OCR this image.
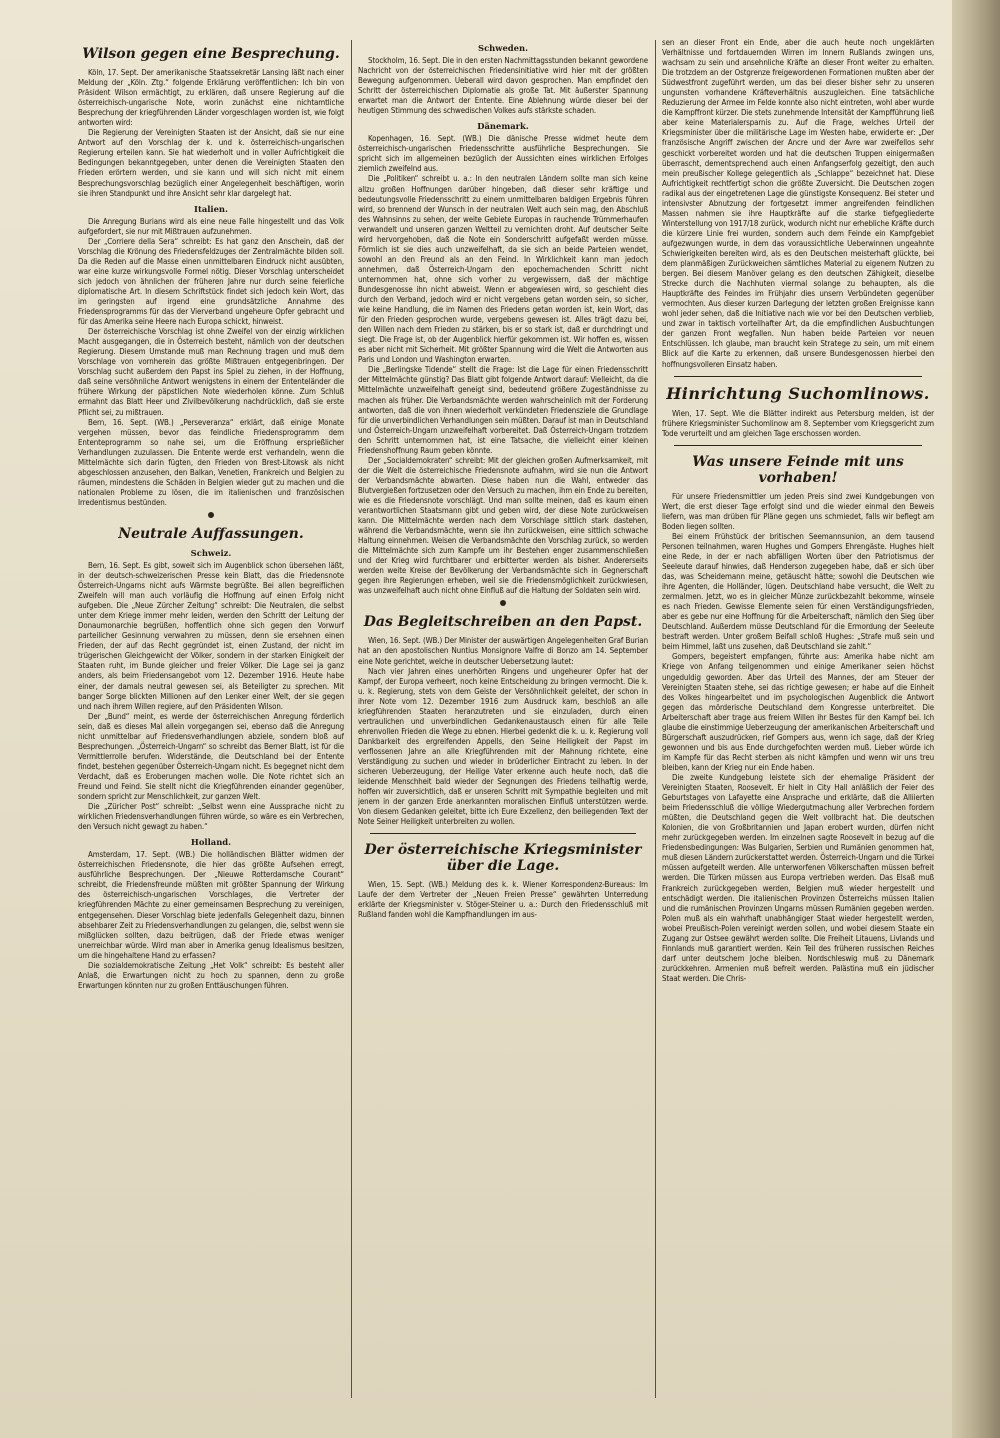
Wilson gegen eine Besprechung.

Köln, 17. Sept. Der amerikanische Staatssekretär Lansing läßt nach einer Meldung der „Köln. Ztg.“ folgende Erklärung veröffentlichen: Ich bin von Präsident Wilson ermächtigt, zu erklären, daß unsere Regierung auf die österreichisch-ungarische Note, worin zunächst eine nichtamtliche Besprechung der kriegführenden Länder vorgeschlagen worden ist, wie folgt antworten wird:

Die Regierung der Vereinigten Staaten ist der Ansicht, daß sie nur eine Antwort auf den Vorschlag der k. und k. österreichisch-ungarischen Regierung erteilen kann. Sie hat wiederholt und in voller Aufrichtigkeit die Bedingungen bekanntgegeben, unter denen die Vereinigten Staaten den Frieden erörtern werden, und sie kann und will sich nicht mit einem Besprechungsvorschlag bezüglich einer Angelegenheit beschäftigen, worin sie ihren Standpunkt und ihre Ansicht sehr klar dargelegt hat.

Italien.

Die Anregung Burians wird als eine neue Falle hingestellt und das Volk aufgefordert, sie nur mit Mißtrauen aufzunehmen.

Der „Corriere della Sera“ schreibt: Es hat ganz den Anschein, daß der Vorschlag die Krönung des Friedensfeldzuges der Zentralmächte bilden soll. Da die Reden auf die Masse einen unmittelbaren Eindruck nicht ausübten, war eine kurze wirkungsvolle Formel nötig. Dieser Vorschlag unterscheidet sich jedoch von ähnlichen der früheren Jahre nur durch seine feierliche diplomatische Art. In diesem Schriftstück findet sich jedoch kein Wort, das im geringsten auf irgend eine grundsätzliche Annahme des Friedensprogramms für das der Vierverband ungeheure Opfer gebracht und für das Amerika seine Heere nach Europa schickt, hinweist.

Der österreichische Vorschlag ist ohne Zweifel von der einzig wirklichen Macht ausgegangen, die in Österreich besteht, nämlich von der deutschen Regierung. Diesem Umstande muß man Rechnung tragen und muß dem Vorschlage von vornherein das größte Mißtrauen entgegenbringen. Der Vorschlag sucht außerdem den Papst ins Spiel zu ziehen, in der Hoffnung, daß seine versöhnliche Antwort wenigstens in einem der Ententeländer die frühere Wirkung der päpstlichen Note wiederholen könne. Zum Schluß ermahnt das Blatt Heer und Zivilbevölkerung nachdrücklich, daß sie erste Pflicht sei, zu mißtrauen.

Bern, 16. Sept. (WB.) „Perseveranza“ erklärt, daß einige Monate vergehen müssen, bevor das feindliche Friedensprogramm dem Ententeprogramm so nahe sei, um die Eröffnung ersprießlicher Verhandlungen zuzulassen. Die Entente werde erst verhandeln, wenn die Mittelmächte sich darin fügten, den Frieden von Brest-Litowsk als nicht abgeschlossen anzusehen, den Balkan, Venetien, Frankreich und Belgien zu räumen, mindestens die Schäden in Belgien wieder gut zu machen und die nationalen Probleme zu lösen, die im italienischen und französischen Irredentismus bestünden.

Neutrale Auffassungen.
Schweiz.

Bern, 16. Sept. Es gibt, soweit sich im Augenblick schon übersehen läßt, in der deutsch-schweizerischen Presse kein Blatt, das die Friedensnote Österreich-Ungarns nicht aufs Wärmste begrüßte. Bei allen begreiflichen Zweifeln will man auch vorläufig die Hoffnung auf einen Erfolg nicht aufgeben. Die „Neue Zürcher Zeitung“ schreibt: Die Neutralen, die selbst unter dem Kriege immer mehr leiden, werden den Schritt der Leitung der Donaumonarchie begrüßen, hoffentlich ohne sich gegen den Vorwurf parteilicher Gesinnung verwahren zu müssen, denn sie ersehnen einen Frieden, der auf das Recht gegründet ist, einen Zustand, der nicht im trügerischen Gleichgewicht der Völker, sondern in der starken Einigkeit der Staaten ruht, im Bunde gleicher und freier Völker. Die Lage sei ja ganz anders, als beim Friedensangebot vom 12. Dezember 1916. Heute habe einer, der damals neutral gewesen sei, als Beteiligter zu sprechen. Mit banger Sorge blickten Millionen auf den Lenker einer Welt, der sie gegen und nach ihrem Willen regiere, auf den Präsidenten Wilson.

Der „Bund“ meint, es werde der österreichischen Anregung förderlich sein, daß es dieses Mal allein vorgegangen sei, ebenso daß die Anregung nicht unmittelbar auf Friedensverhandlungen abziele, sondern bloß auf Besprechungen. „Österreich-Ungarn“ so schreibt das Berner Blatt, ist für die Vermittlerrolle berufen. Widerstände, die Deutschland bei der Entente findet, bestehen gegenüber Österreich-Ungarn nicht. Es begegnet nicht dem Verdacht, daß es Eroberungen machen wolle. Die Note richtet sich an Freund und Feind. Sie stellt nicht die Kriegführenden einander gegenüber, sondern spricht zur Menschlichkeit, zur ganzen Welt.

Die „Züricher Post“ schreibt: „Selbst wenn eine Aussprache nicht zu wirklichen Friedensverhandlungen führen würde, so wäre es ein Verbrechen, den Versuch nicht gewagt zu haben.“

Holland.

Amsterdam, 17. Sept. (WB.) Die holländischen Blätter widmen der österreichischen Friedensnote, die hier das größte Aufsehen erregt, ausführliche Besprechungen. Der „Nieuwe Rotterdamsche Courant“ schreibt, die Friedensfreunde müßten mit größter Spannung der Wirkung des österreichisch-ungarischen Vorschlages, die Vertreter der kriegführenden Mächte zu einer gemeinsamen Besprechung zu vereinigen, entgegensehen. Dieser Vorschlag biete jedenfalls Gelegenheit dazu, binnen absehbarer Zeit zu Friedensverhandlungen zu gelangen, die, selbst wenn sie mißglücken sollten, dazu beitrügen, daß der Friede etwas weniger unerreichbar würde. Wird man aber in Amerika genug Idealismus besitzen, um die hingehaltene Hand zu erfassen?

Die sozialdemokratische Zeitung „Het Volk“ schreibt: Es besteht aller Anlaß, die Erwartungen nicht zu hoch zu spannen, denn zu große Erwartungen könnten nur zu großen Enttäuschungen führen.

Schweden.

Stockholm, 16. Sept. Die in den ersten Nachmittagsstunden bekannt gewordene Nachricht von der österreichischen Friedensinitiative wird hier mit der größten Bewegung aufgenommen. Ueberall wird davon gesprochen. Man empfindet den Schritt der österreichischen Diplomatie als große Tat. Mit äußerster Spannung erwartet man die Antwort der Entente. Eine Ablehnung würde dieser bei der heutigen Stimmung des schwedischen Volkes aufs stärkste schaden.

Dänemark.

Kopenhagen, 16. Sept. (WB.) Die dänische Presse widmet heute dem österreichisch-ungarischen Friedensschritte ausführliche Besprechungen. Sie spricht sich im allgemeinen bezüglich der Aussichten eines wirklichen Erfolges ziemlich zweifelnd aus.

Die „Politiken“ schreibt u. a.: In den neutralen Ländern sollte man sich keine allzu großen Hoffnungen darüber hingeben, daß dieser sehr kräftige und bedeutungsvolle Friedensschritt zu einem unmittelbaren baldigen Ergebnis führen wird, so brennend der Wunsch in der neutralen Welt auch sein mag, den Abschluß des Wahnsinns zu sehen, der weite Gebiete Europas in rauchende Trümmerhaufen verwandelt und unseren ganzen Weltteil zu vernichten droht. Auf deutscher Seite wird hervorgehoben, daß die Note ein Sonderschritt aufgefaßt werden müsse. Förmlich ist sie dies auch unzweifelhaft, da sie sich an beide Parteien wendet, sowohl an den Freund als an den Feind. In Wirklichkeit kann man jedoch annehmen, daß Österreich-Ungarn den epochemachenden Schritt nicht unternommen hat, ohne sich vorher zu vergewissern, daß der mächtige Bundesgenosse ihn nicht abweist. Wenn er abgewiesen wird, so geschieht dies durch den Verband, jedoch wird er nicht vergebens getan worden sein, so sicher, wie keine Handlung, die im Namen des Friedens getan worden ist, kein Wort, das für den Frieden gesprochen wurde, vergebens gewesen ist. Alles trägt dazu bei, den Willen nach dem Frieden zu stärken, bis er so stark ist, daß er durchdringt und siegt. Die Frage ist, ob der Augenblick hierfür gekommen ist. Wir hoffen es, wissen es aber nicht mit Sicherheit. Mit größter Spannung wird die Welt die Antworten aus Paris und London und Washington erwarten.

Die „Berlingske Tidende“ stellt die Frage: Ist die Lage für einen Friedensschritt der Mittelmächte günstig? Das Blatt gibt folgende Antwort darauf: Vielleicht, da die Mittelmächte unzweifelhaft geneigt sind, bedeutend größere Zugeständnisse zu machen als früher. Die Verbandsmächte werden wahrscheinlich mit der Forderung antworten, daß die von ihnen wiederholt verkündeten Friedensziele die Grundlage für die unverbindlichen Verhandlungen sein müßten. Darauf ist man in Deutschland und Österreich-Ungarn unzweifelhaft vorbereitet. Daß Österreich-Ungarn trotzdem den Schritt unternommen hat, ist eine Tatsache, die vielleicht einer kleinen Friedenshoffnung Raum geben könnte.

Der „Socialdemokraten“ schreibt: Mit der gleichen großen Aufmerksamkeit, mit der die Welt die österreichische Friedensnote aufnahm, wird sie nun die Antwort der Verbandsmächte abwarten. Diese haben nun die Wahl, entweder das Blutvergießen fortzusetzen oder den Versuch zu machen, ihm ein Ende zu bereiten, wie es die Friedensnote vorschlägt. Und man sollte meinen, daß es kaum einen verantwortlichen Staatsmann gibt und geben wird, der diese Note zurückweisen kann. Die Mittelmächte werden nach dem Vorschlage sittlich stark dastehen, während die Verbandsmächte, wenn sie ihn zurückweisen, eine sittlich schwache Haltung einnehmen. Weisen die Verbandsmächte den Vorschlag zurück, so werden die Mittelmächte sich zum Kampfe um ihr Bestehen enger zusammenschließen und der Krieg wird furchtbarer und erbitterter werden als bisher. Andererseits werden weite Kreise der Bevölkerung der Verbandsmächte sich in Gegnerschaft gegen ihre Regierungen erheben, weil sie die Friedensmöglichkeit zurückwiesen, was unzweifelhaft auch nicht ohne Einfluß auf die Haltung der Soldaten sein wird.

Das Begleitschreiben an den Papst.

Wien, 16. Sept. (WB.) Der Minister der auswärtigen Angelegenheiten Graf Burian hat an den apostolischen Nuntius Monsignore Valfre di Bonzo am 14. September eine Note gerichtet, welche in deutscher Uebersetzung lautet:

Nach vier Jahren eines unerhörten Ringens und ungeheurer Opfer hat der Kampf, der Europa verheert, noch keine Entscheidung zu bringen vermocht. Die k. u. k. Regierung, stets von dem Geiste der Versöhnlichkeit geleitet, der schon in ihrer Note vom 12. Dezember 1916 zum Ausdruck kam, beschloß an alle kriegführenden Staaten heranzutreten und sie einzuladen, durch einen vertraulichen und unverbindlichen Gedankenaustausch einen für alle Teile ehrenvollen Frieden die Wege zu ebnen. Hierbei gedenkt die k. u. k. Regierung voll Dankbarkeit des ergreifenden Appells, den Seine Heiligkeit der Papst im verflossenen Jahre an alle Kriegführenden mit der Mahnung richtete, eine Verständigung zu suchen und wieder in brüderlicher Eintracht zu leben. In der sicheren Ueberzeugung, der Heilige Vater erkenne auch heute noch, daß die leidende Menschheit bald wieder der Segnungen des Friedens teilhaftig werde, hoffen wir zuversichtlich, daß er unseren Schritt mit Sympathie begleiten und mit jenem in der ganzen Erde anerkannten moralischen Einfluß unterstützen werde. Von diesem Gedanken geleitet, bitte ich Eure Exzellenz, den beiliegenden Text der Note Seiner Heiligkeit unterbreiten zu wollen.

Der österreichische Kriegsminister über die Lage.

Wien, 15. Sept. (WB.) Meldung des k. k. Wiener Korrespondenz-Bureaus: Im Laufe der dem Vertreter der „Neuen Freien Presse“ gewährten Unterredung erklärte der Kriegsminister v. Stöger-Steiner u. a.: Durch den Friedensschluß mit Rußland fanden wohl die Kampfhandlungen im aus-

sen an dieser Front ein Ende, aber die auch heute noch ungeklärten Verhältnisse und fortdauernden Wirren im Innern Rußlands zwingen uns, wachsam zu sein und ansehnliche Kräfte an dieser Front weiter zu erhalten. Die trotzdem an der Ostgrenze freigewordenen Formationen mußten aber der Südwestfront zugeführt werden, um das bei dieser bisher sehr zu unseren ungunsten vorhandene Kräfteverhältnis auszugleichen. Eine tatsächliche Reduzierung der Armee im Felde konnte also nicht eintreten, wohl aber wurde die Kampffront kürzer. Die stets zunehmende Intensität der Kampfführung ließ aber keine Materialersparnis zu. Auf die Frage, welches Urteil der Kriegsminister über die militärische Lage im Westen habe, erwiderte er: „Der französische Angriff zwischen der Ancre und der Avre war zweifellos sehr geschickt vorbereitet worden und hat die deutschen Truppen einigermaßen überrascht, dementsprechend auch einen Anfangserfolg gezeitigt, den auch mein preußischer Kollege gelegentlich als „Schlappe“ bezeichnet hat. Diese Aufrichtigkeit rechtfertigt schon die größte Zuversicht. Die Deutschen zogen radikal aus der eingetretenen Lage die günstigste Konsequenz. Bei steter und intensivster Abnutzung der fortgesetzt immer angreifenden feindlichen Massen nahmen sie ihre Hauptkräfte auf die starke tiefgegliederte Winterstellung von 1917/18 zurück, wodurch nicht nur erhebliche Kräfte durch die kürzere Linie frei wurden, sondern auch dem Feinde ein Kampfgebiet aufgezwungen wurde, in dem das voraussichtliche Ueberwinnen ungeahnte Schwierigkeiten bereiten wird, als es den Deutschen meisterhaft glückte, bei dem planmäßigen Zurückweichen sämtliches Material zu eigenem Nutzen zu bergen. Bei diesem Manöver gelang es den deutschen Zähigkeit, dieselbe Strecke durch die Nachhuten viermal solange zu behaupten, als die Hauptkräfte des Feindes im Frühjahr dies unsern Verbündeten gegenüber vermochten. Aus dieser kurzen Darlegung der letzten großen Ereignisse kann wohl jeder sehen, daß die Initiative nach wie vor bei den Deutschen verblieb, und zwar in taktisch vorteilhafter Art, da die empfindlichen Ausbuchtungen der ganzen Front wegfallen. Nun haben beide Parteien vor neuen Entschlüssen. Ich glaube, man braucht kein Stratege zu sein, um mit einem Blick auf die Karte zu erkennen, daß unsere Bundesgenossen hierbei den hoffnungsvolleren Einsatz haben.

Hinrichtung Suchomlinows.

Wien, 17. Sept. Wie die Blätter indirekt aus Petersburg melden, ist der frühere Kriegsminister Suchomlinow am 8. September vom Kriegsgericht zum Tode verurteilt und am gleichen Tage erschossen worden.

Was unsere Feinde mit uns vorhaben!

Für unsere Friedensmittler um jeden Preis sind zwei Kundgebungen von Wert, die erst dieser Tage erfolgt sind und die wieder einmal den Beweis liefern, was man drüben für Pläne gegen uns schmiedet, falls wir beflegt am Boden liegen sollten.

Bei einem Frühstück der britischen Seemannsunion, an dem tausend Personen teilnahmen, waren Hughes und Gompers Ehrengäste. Hughes hielt eine Rede, in der er nach abfälligen Worten über den Patriotismus der Seeleute darauf hinwies, daß Henderson zugegeben habe, daß er sich über das, was Scheidemann meine, getäuscht hätte; sowohl die Deutschen wie ihre Agenten, die Holländer, lügen. Deutschland habe versucht, die Welt zu zermalmen. Jetzt, wo es in gleicher Münze zurückbezahlt bekomme, winsele es nach Frieden. Gewisse Elemente seien für einen Verständigungsfrieden, aber es gebe nur eine Hoffnung für die Arbeiterschaft, nämlich den Sieg über Deutschland. Außerdem müsse Deutschland für die Ermordung der Seeleute bestraft werden. Unter großem Beifall schloß Hughes: „Strafe muß sein und beim Himmel, laßt uns zusehen, daß Deutschland sie zahlt.“

Gompers, begeistert empfangen, führte aus: Amerika habe nicht am Kriege von Anfang teilgenommen und einige Amerikaner seien höchst ungeduldig geworden. Aber das Urteil des Mannes, der am Steuer der Vereinigten Staaten stehe, sei das richtige gewesen; er habe auf die Einheit des Volkes hingearbeitet und im psychologischen Augenblick die Antwort gegen das mörderische Deutschland dem Kongresse unterbreitet. Die Arbeiterschaft aber trage aus freiem Willen ihr Bestes für den Kampf bei. Ich glaube die einstimmige Ueberzeugung der amerikanischen Arbeiterschaft und Bürgerschaft auszudrücken, rief Gompers aus, wenn ich sage, daß der Krieg gewonnen und bis aus Ende durchgefochten werden muß. Lieber würde ich im Kampfe für das Recht sterben als nicht kämpfen und wenn wir uns treu bleiben, kann der Krieg nur ein Ende haben.

Die zweite Kundgebung leistete sich der ehemalige Präsident der Vereinigten Staaten, Roosevelt. Er hielt in City Hall anläßlich der Feier des Geburtstages von Lafayette eine Ansprache und erklärte, daß die Alliierten beim Friedensschluß die völlige Wiedergutmachung aller Verbrechen fordern müßten, die Deutschland gegen die Welt vollbracht hat. Die deutschen Kolonien, die von Großbritannien und Japan erobert wurden, dürfen nicht mehr zurückgegeben werden. Im einzelnen sagte Roosevelt in bezug auf die Friedensbedingungen: Was Bulgarien, Serbien und Rumänien genommen hat, muß diesen Ländern zurückerstattet werden. Österreich-Ungarn und die Türkei müssen aufgeteilt werden. Alle unterworfenen Völkerschaften müssen befreit werden. Die Türken müssen aus Europa vertrieben werden. Das Elsaß muß Frankreich zurückgegeben werden, Belgien muß wieder hergestellt und entschädigt werden. Die italienischen Provinzen Österreichs müssen Italien und die rumänischen Provinzen Ungarns müssen Rumänien gegeben werden. Polen muß als ein wahrhaft unabhängiger Staat wieder hergestellt werden, wobei Preußisch-Polen vereinigt werden sollen, und wobei diesem Staate ein Zugang zur Ostsee gewährt werden sollte. Die Freiheit Litauens, Livlands und Finnlands muß garantiert werden. Kein Teil des früheren russischen Reiches darf unter deutschem Joche bleiben. Nordschleswig muß zu Dänemark zurückkehren. Armenien muß befreit werden. Palästina muß ein jüdischer Staat werden. Die Chris-
